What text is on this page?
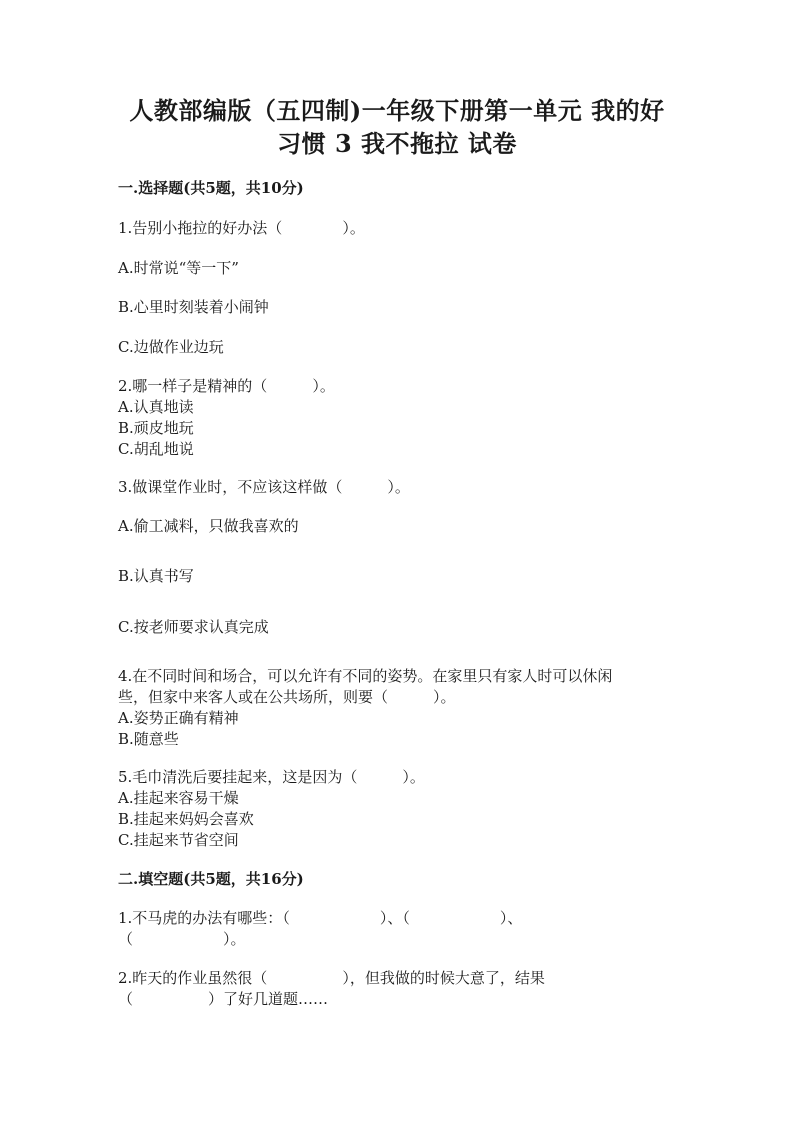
人教部编版（五四制)一年级下册第一单元 我的好
习惯 3 我不拖拉 试卷
一.选择题(共5题，共10分)
1.告别小拖拉的好办法（　　　　）。
A.时常说“等一下”
B.心里时刻装着小闹钟
C.边做作业边玩
2.哪一样子是精神的（　　　）。
A.认真地读
B.顽皮地玩
C.胡乱地说
3.做课堂作业时，不应该这样做（　　　）。
A.偷工减料，只做我喜欢的
B.认真书写
C.按老师要求认真完成
4.在不同时间和场合，可以允许有不同的姿势。在家里只有家人时可以休闲
些，但家中来客人或在公共场所，则要（　　　）。
A.姿势正确有精神
B.随意些
5.毛巾清洗后要挂起来，这是因为（　　　）。
A.挂起来容易干燥
B.挂起来妈妈会喜欢
C.挂起来节省空间
二.填空题(共5题，共16分)
1.不马虎的办法有哪些：（　　　　　　）、（　　　　　　）、
（　　　　　　）。
2.昨天的作业虽然很（　　　　　），但我做的时候大意了，结果
（　　　　　）了好几道题……
